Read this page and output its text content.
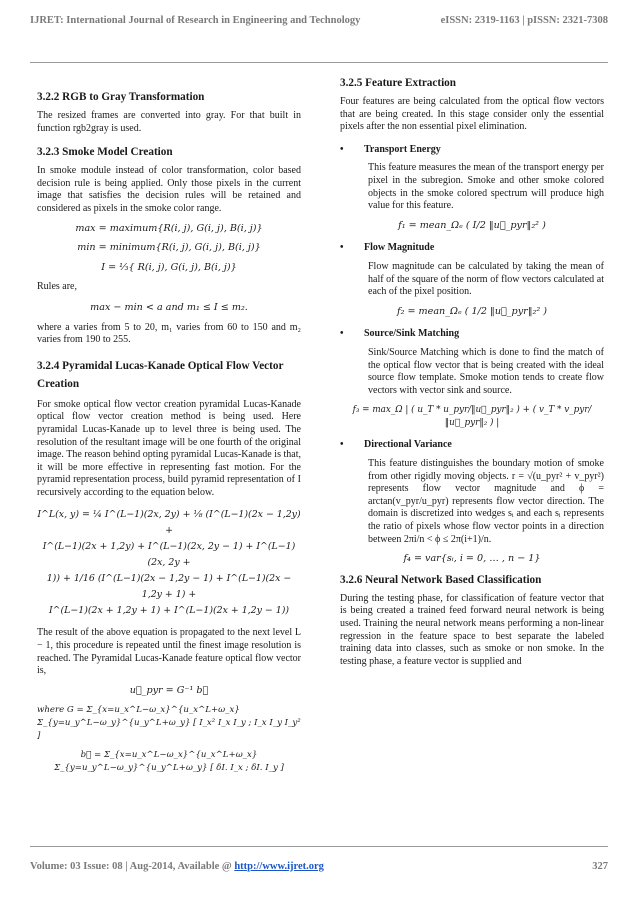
IJRET: International Journal of Research in Engineering and Technology	eISSN: 2319-1163 | pISSN: 2321-7308
3.2.2 RGB to Gray Transformation

The resized frames are converted into gray. For that built in function rgb2gray is used.

3.2.3 Smoke Model Creation

In smoke module instead of color transformation, color based decision rule is being applied. Only those pixels in the current image that satisfies the decision rules will be retained and considered as pixels in the smoke color range.

max = maximum{R(i, j), G(i, j), B(i, j)}
min = minimum{R(i, j), G(i, j), B(i, j)}
I = ⅓{ R(i, j), G(i, j), B(i, j)}

Rules are,

max − min < a and m₁ ≤ I ≤ m₂.

where a varies from 5 to 20, m₁ varies from 60 to 150 and m₂ varies from 190 to 255.

3.2.4 Pyramidal Lucas-Kanade Optical Flow Vector Creation

For smoke optical flow vector creation pyramidal Lucas-Kanade optical flow vector creation method is being used. Here pyramidal Lucas-Kanade up to level three is being used. The resolution of the resultant image will be one fourth of the original image. The reason behind opting pyramidal Lucas-Kanade is that, it will be more effective in representing fast motion. For the pyramid representation process, build pyramid representation of I recursively according to the equation below.

I^L(x, y) = ¼ I^(L−1)(2x, 2y) + ⅛ (I^(L−1)(2x − 1,2y) +
I^(L−1)(2x + 1,2y) + I^(L−1)(2x, 2y − 1) + I^(L−1)(2x, 2y +
1)) + 1/16 (I^(L−1)(2x − 1,2y − 1) + I^(L−1)(2x − 1,2y + 1) +
I^(L−1)(2x + 1,2y + 1) + I^(L−1)(2x + 1,2y − 1))

The result of the above equation is propagated to the next level L − 1, this procedure is repeated until the finest image resolution is reached. The Pyramidal Lucas-Kanade feature optical flow vector is,

u⃗_pyr = G⁻¹ b⃗
where G = Σ_{x=u_x^L−ω_x}^{u_x^L+ω_x} Σ_{y=u_y^L−ω_y}^{u_y^L+ω_y} [ I_x² I_x I_y ; I_x I_y I_y² ]
b⃗ = Σ_{x=u_x^L−ω_x}^{u_x^L+ω_x} Σ_{y=u_y^L−ω_y}^{u_y^L+ω_y} [ δI. I_x ; δI. I_y ]
3.2.5 Feature Extraction

Four features are being calculated from the optical flow vectors that are being created. In this stage consider only the essential pixels after the non essential pixel elimination.

•	Transport Energy

This feature measures the mean of the transport energy per pixel in the subregion. Smoke and other smoke colored objects in the smoke colored spectrum will produce high value for this feature.

f₁ = mean_Ωₑ ( I/2 ‖u⃗_pyr‖₂² )
•	Flow Magnitude

Flow magnitude can be calculated by taking the mean of half of the square of the norm of flow vectors calculated at each of the pixel position.

f₂ = mean_Ωₑ ( 1/2 ‖u⃗_pyr‖₂² )
•	Source/Sink Matching

Sink/Source Matching which is done to find the match of the optical flow vector that is being created with the ideal source flow template. Smoke motion tends to create flow vectors with vector sink and source.

f₃ = max_Ω | ( u_T * u_pyr/‖u⃗_pyr‖₂ ) + ( v_T * v_pyr/‖u⃗_pyr‖₂ ) |
•	Directional Variance

This feature distinguishes the boundary motion of smoke from other rigidly moving objects. r = √(u_pyr² + v_pyr²) represents flow vector magnitude and ϕ = arctan(v_pyr/u_pyr) represents flow vector direction. The domain is discretized into wedges sᵢ and each sᵢ represents the ratio of pixels whose flow vector points in a direction between 2πi/n < ϕ ≤ 2π(i+1)/n.

f₄ = var{sᵢ, i = 0, … , n − 1}
3.2.6 Neural Network Based Classification

During the testing phase, for classification of feature vector that is being created a trained feed forward neural network is being used. Training the neural network means performing a non-linear regression in the feature space to best separate the labeled training data into classes, such as smoke or non smoke. In the testing phase, a feature vector is supplied and

Volume: 03 Issue: 08 | Aug-2014, Available @ http://www.ijret.org	327
